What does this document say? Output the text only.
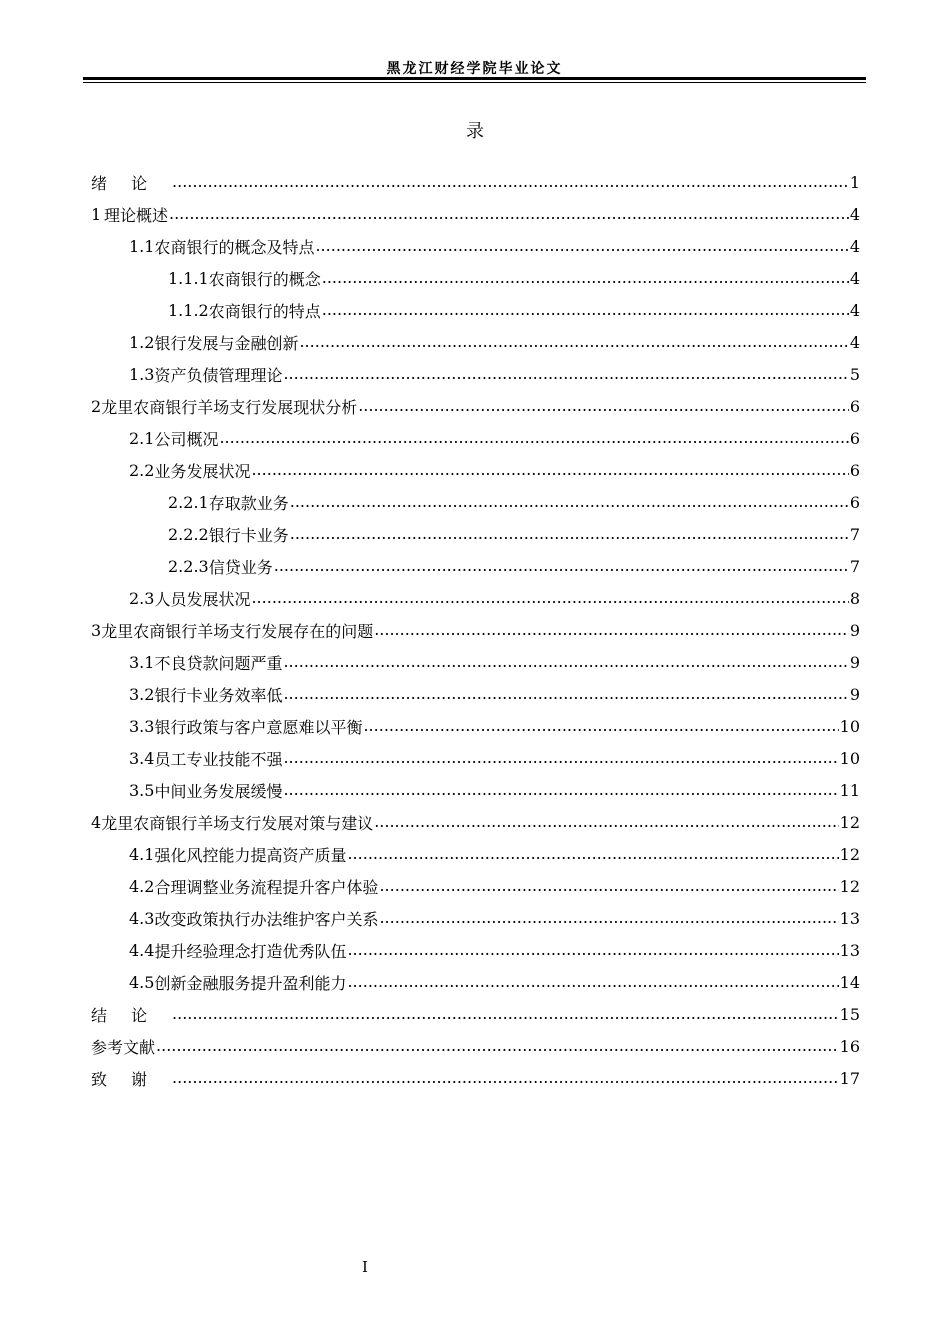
黑龙江财经学院毕业论文
录
绪论 .....	1
1 理论概述 .....	4
1.1 农商银行的概念及特点 .....	4
1.1.1 农商银行的概念 .....	4
1.1.2 农商银行的特点 .....	4
1.2 银行发展与金融创新 .....	4
1.3 资产负债管理理论 .....	5
2 龙里农商银行羊场支行发展现状分析 .....	6
2.1 公司概况 .....	6
2.2 业务发展状况 .....	6
2.2.1 存取款业务 .....	6
2.2.2 银行卡业务 .....	7
2.2.3 信贷业务 .....	7
2.3 人员发展状况 .....	8
3 龙里农商银行羊场支行发展存在的问题 .....	9
3.1 不良贷款问题严重 .....	9
3.2 银行卡业务效率低 .....	9
3.3 银行政策与客户意愿难以平衡 .....	10
3.4 员工专业技能不强 .....	10
3.5 中间业务发展缓慢 .....	11
4 龙里农商银行羊场支行发展对策与建议 .....	12
4.1 强化风控能力提高资产质量 .....	12
4.2 合理调整业务流程提升客户体验 .....	12
4.3 改变政策执行办法维护客户关系 .....	13
4.4 提升经验理念打造优秀队伍 .....	13
4.5 创新金融服务提升盈利能力 .....	14
结论 .....	15
参考文献 .....	16
致谢 .....	17
I
